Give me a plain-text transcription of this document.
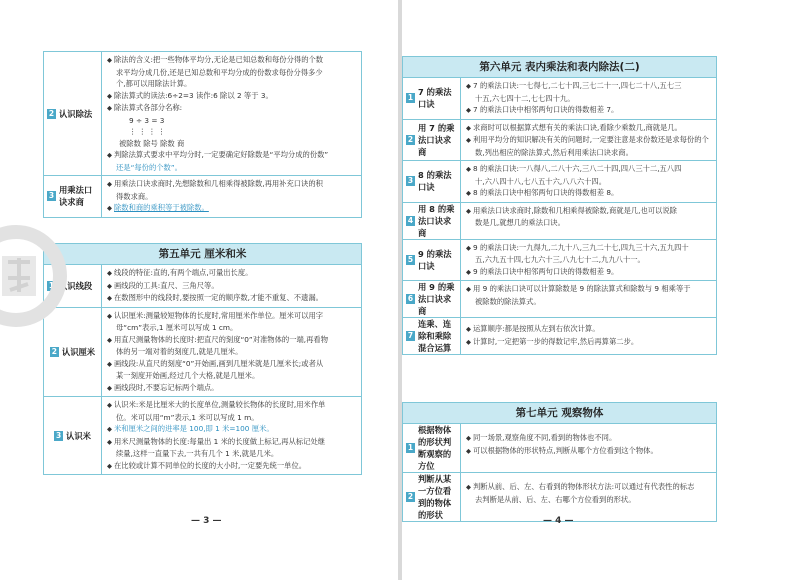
2 认识除法
◆ 除法的含义:把一些物体平均分,无论是已知总数和每份分得的个数
求平均分成几份,还是已知总数和平均分成的份数求每份分得多少
个,都可以用除法计算。
◆ 除法算式的读法:6÷2=3 读作:6 除以 2 等于 3。
◆ 除法算式各部分名称:
9 ÷ 3 = 3
⋮ ⋮ ⋮ ⋮
被除数 除号 除数 商
◆ 判除法算式要求中平均分时,一定要确定好除数是“平均分成的份数”
还是“每份的个数”。
3
用乘法口诀求商
◆ 用乘法口诀求商时,先想除数和几相乘得被除数,再用补充口诀的积
得数求商。
◆ 除数和商的乘积等于被除数。
第五单元 厘米和米
1 认识线段
◆ 线段的特征:直的,有两个端点,可量出长度。
◆ 画线段的工具:直尺、三角尺等。
◆ 在数图形中的线段时,要按照一定的顺序数,才能不重复、不遗漏。
2 认识厘米
◆ 认识厘米:测量较短物体的长度时,常用厘米作单位。厘米可以用字
母“cm”表示,1 厘米可以写成 1 cm。
◆ 用直尺测量物体的长度时:把直尺的刻度“0”对准物体的一端,再看物
体的另一端对着的刻度几,就是几厘米。
◆ 画线段:从直尺的刻度“0”开始画,画到几厘米就是几厘米长;或者从
某一刻度开始画,经过几个大格,就是几厘米。
◆ 画线段时,不要忘记标两个端点。
3 认识米
◆ 认识米:米是比厘米大的长度单位,测量较长物体的长度时,用米作单
位。米可以用“m”表示,1 米可以写成 1 m。
◆ 米和厘米之间的进率是 100,即 1 米=100 厘米。
◆ 用米尺测量物体的长度:每量出 1 米的长度做上标记,再从标记处继
续量,这样一直量下去,一共有几个 1 米,就是几米。
◆ 在比较或计算不同单位的长度的大小时,一定要先统一单位。
— 3 —
第六单元 表内乘法和表内除法(二)
1
7 的乘法口诀
◆ 7 的乘法口诀:一七得七,二七十四,三七二十一,四七二十八,五七三
十五,六七四十二,七七四十九。
◆ 7 的乘法口诀中相邻两句口诀的得数相差 7。
2
用 7 的乘法口诀求商
◆ 求商时可以根据算式想有关的乘法口诀,看除少乘数几,商就是几。
◆ 利用平均分的知识解决有关的问题时,一定要注意是求份数还是求每份的个
数,列出相应的除法算式,然后利用乘法口诀求商。
3
8 的乘法口诀
◆ 8 的乘法口诀:一八得八,二八十六,三八二十四,四八三十二,五八四
十,六八四十八,七八五十六,八八六十四。
◆ 8 的乘法口诀中相邻两句口诀的得数相差 8。
4
用 8 的乘法口诀求商
◆ 用乘法口诀求商时,除数和几相乘得被除数,商就是几,也可以说除
数是几,就想几的乘法口诀。
5
9 的乘法口诀
◆ 9 的乘法口诀:一九得九,二九十八,三九二十七,四九三十六,五九四十
五,六九五十四,七九六十三,八九七十二,九九八十一。
◆ 9 的乘法口诀中相邻两句口诀的得数相差 9。
6
用 9 的乘法口诀求商
◆ 用 9 的乘法口诀可以计算除数是 9 的除法算式和除数与 9 相乘等于
被除数的除法算式。
7
连乘、连除和乘除混合运算
◆ 运算顺序:都是按照从左到右依次计算。
◆ 计算时,一定把第一步的得数记牢,然后再算第二步。
第七单元 观察物体
1
根据物体的形状判断观察的方位
◆ 同一场景,观察角度不同,看到的物体也不同。
◆ 可以根据物体的形状特点,判断从哪个方位看到这个物体。
2
判断从某一方位看到的物体的形状
◆ 判断从前、后、左、右看到的物体形状方法:可以通过有代表性的标志
去判断是从前、后、左、右哪个方位看到的形状。
— 4 —
